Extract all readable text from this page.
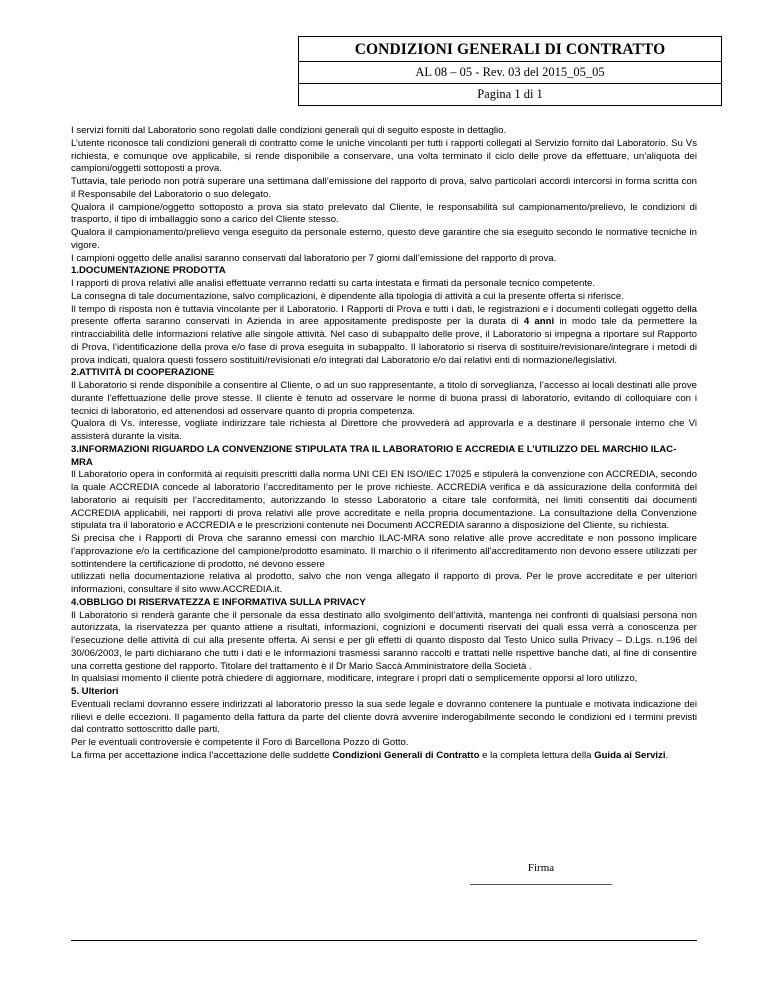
CONDIZIONI GENERALI DI CONTRATTO
AL 08 – 05 - Rev. 03 del 2015_05_05
Pagina 1 di 1

I servizi forniti dal Laboratorio sono regolati dalle condizioni generali qui di seguito esposte in dettaglio.

L’utente riconosce tali condizioni generali di contratto come le uniche vincolanti per tutti i rapporti collegati al Servizio fornito dal Laboratorio. Su Vs richiesta, e comunque ove applicabile, si rende disponibile a conservare, una volta terminato il ciclo delle prove da effettuare, un’aliquota dei campioni/oggetti sottoposti a prova.

Tuttavia, tale periodo non potrà superare una settimana dall’emissione del rapporto di prova, salvo particolari accordi intercorsi in forma scritta con il Responsabile del Laboratorio o suo delegato.

Qualora il campione/oggetto sottoposto a prova sia stato prelevato dal Cliente, le responsabilità sul campionamento/prelievo, le condizioni di trasporto, il tipo di imballaggio sono a carico del Cliente stesso.

Qualora il campionamento/prelievo venga eseguito da personale esterno, questo deve garantire che sia eseguito secondo le normative tecniche in vigore.

I campioni oggetto delle analisi saranno conservati dal laboratorio per 7 giorni dall’emissione del rapporto di prova.

1.DOCUMENTAZIONE PRODOTTA

I rapporti di prova relativi alle analisi effettuate verranno redatti su carta intestata e firmati da personale tecnico competente.

La consegna di tale documentazione, salvo complicazioni, è dipendente alla tipologia di attività a cui la presente offerta si riferisce.

Il tempo di risposta non è tuttavia vincolante per il Laboratorio. I Rapporti di Prova e tutti i dati, le registrazioni e i documenti collegati oggetto della presente offerta saranno conservati in Azienda in aree appositamente predisposte per la durata di 4 anni in modo tale da permettere la rintracciabilità delle informazioni relative alle singole attività. Nel caso di subappalto delle prove, il Laboratorio si impegna a riportare sul Rapporto di Prova, l’identificazione della prova e/o fase di prova eseguita in subappalto. Il laboratorio si riserva di sostituire/revisionare/integrare i metodi di prova indicati, qualora questi fossero sostituiti/revisionati e/o integrati dal Laboratorio e/o dai relativi enti di normazione/legislativi.

2.ATTIVITÀ DI COOPERAZIONE

Il Laboratorio si rende disponibile a consentire al Cliente, o ad un suo rappresentante, a titolo di sorveglianza, l’accesso ai locali destinati alle prove durante l’effettuazione delle prove stesse. Il cliente è tenuto ad osservare le norme di buona prassi di laboratorio, evitando di colloquiare con i tecnici di laboratorio, ed attenendosi ad osservare quanto di propria competenza.

Qualora di Vs. interesse, vogliate indirizzare tale richiesta al Direttore che provvederà ad approvarla e a destinare il personale interno che Vi assisterà durante la visita.

3.INFORMAZIONI RIGUARDO LA CONVENZIONE STIPULATA TRA IL LABORATORIO E ACCREDIA E L’UTILIZZO DEL MARCHIO ILAC-MRA

Il Laboratorio opera in conformità ai requisiti prescritti dalla norma UNI CEI EN ISO/IEC 17025 e stipulerà la convenzione con ACCREDIA, secondo la quale ACCREDIA concede al laboratorio l’accreditamento per le prove richieste. ACCREDIA verifica e dà assicurazione della conformità del laboratorio ai requisiti per l’accreditamento, autorizzando lo stesso Laboratorio a citare tale conformità, nei limiti consentiti dai documenti ACCREDIA applicabili, nei rapporti di prova relativi alle prove accreditate e nella propria documentazione. La consultazione della Convenzione stipulata tra il laboratorio e ACCREDIA e le prescrizioni contenute nei Documenti ACCREDIA saranno a disposizione del Cliente, su richiesta.

Si precisa che i Rapporti di Prova che saranno emessi con marchio ILAC-MRA sono relative alle prove accreditate e non possono implicare l’approvazione e/o la certificazione del campione/prodotto esaminato. Il marchio o il riferimento all’accreditamento non devono essere utilizzati per sottintendere la certificazione di prodotto, né devono essere

utilizzati nella documentazione relativa al prodotto, salvo che non venga allegato il rapporto di prova. Per le prove accreditate e per ulteriori informazioni, consultare il sito www.ACCREDIA.it.

4.OBBLIGO DI RISERVATEZZA E INFORMATIVA SULLA PRIVACY

Il Laboratorio si renderà garante che il personale da essa destinato allo svolgimento dell’attività, mantenga nei confronti di qualsiasi persona non autorizzata, la riservatezza per quanto attiene a risultati, informazioni, cognizioni e documenti riservati dei quali essa verrà a conoscenza per l’esecuzione delle attività di cui alla presente offerta. Ai sensi e per gli effetti di quanto disposto dal Testo Unico sulla Privacy – D.Lgs. n.196 del 30/06/2003, le parti dichiarano che tutti i dati e le informazioni trasmessi saranno raccolti e trattati nelle rispettive banche dati, al fine di consentire una corretta gestione del rapporto. Titolare del trattamento è il Dr Mario Saccà Amministratore della Società .

In qualsiasi momento il cliente potrà chiedere di aggiornare, modificare, integrare i propri dati o semplicemente opporsi al loro utilizzo,

5. Ulteriori

Eventuali reclami dovranno essere indirizzati al laboratorio presso la sua sede legale e dovranno contenere la puntuale e motivata indicazione dei rilievi e delle eccezioni. Il pagamento della fattura da parte del cliente dovrà avvenire inderogabilmente secondo le condizioni ed i termini previsti dal contratto sottoscritto dalle parti.

Per le eventuali controversie è competente il Foro di Barcellona Pozzo di Gotto.

La firma per accettazione indica l’accettazione delle suddette Condizioni Generali di Contratto e la completa lettura della Guida ai Servizi.

Firma
